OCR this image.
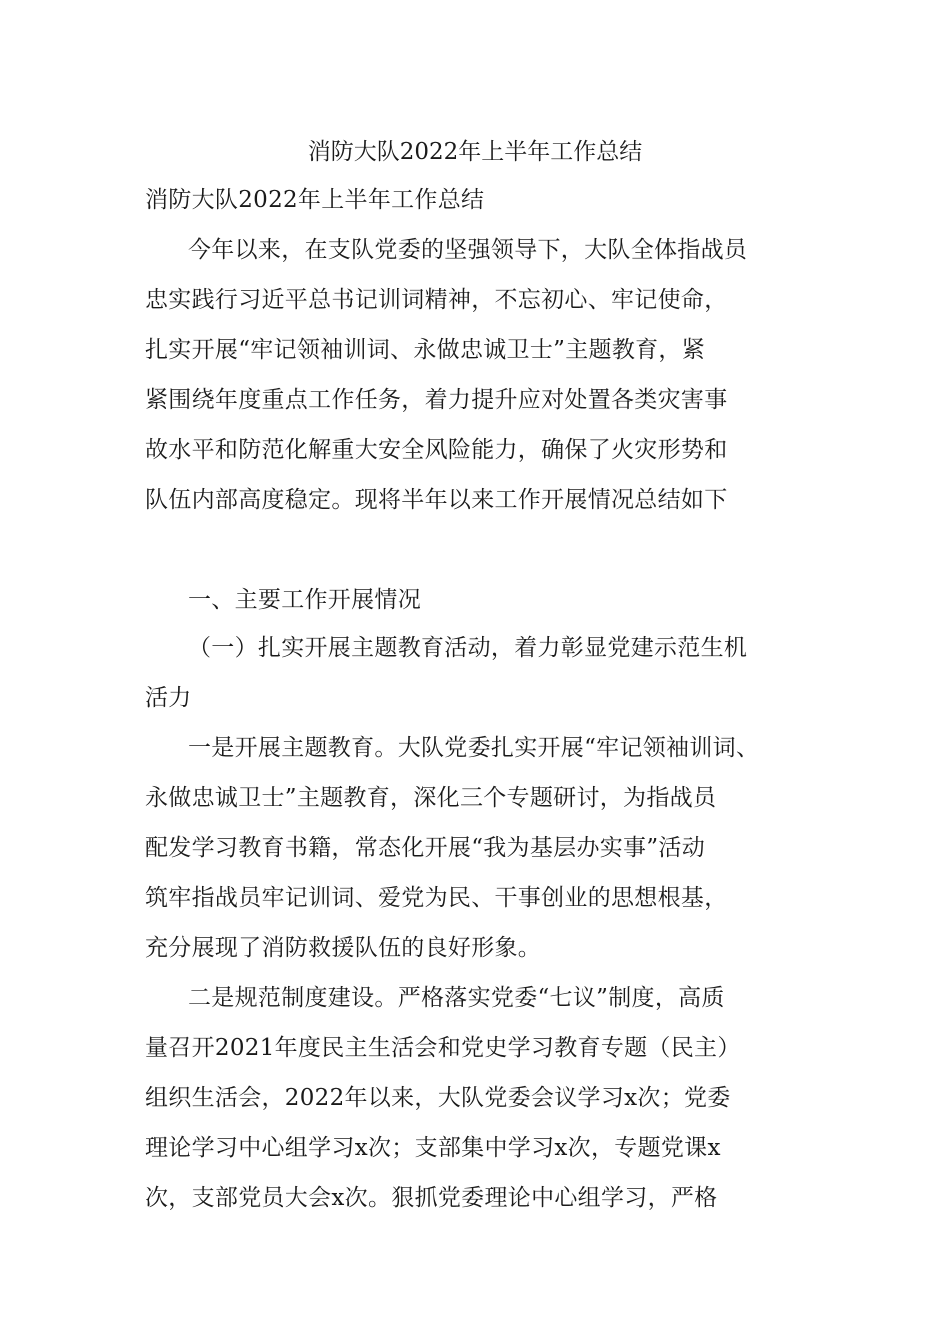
消防大队2022年上半年工作总结
消防大队2022年上半年工作总结
今年以来，在支队党委的坚强领导下，大队全体指战员
忠实践行习近平总书记训词精神，不忘初心、牢记使命，
扎实开展“牢记领袖训词、永做忠诚卫士”主题教育，紧
紧围绕年度重点工作任务，着力提升应对处置各类灾害事
故水平和防范化解重大安全风险能力，确保了火灾形势和
队伍内部高度稳定。现将半年以来工作开展情况总结如下
一、主要工作开展情况
（一）扎实开展主题教育活动，着力彰显党建示范生机
活力
一是开展主题教育。大队党委扎实开展“牢记领袖训词、
永做忠诚卫士”主题教育，深化三个专题研讨，为指战员
配发学习教育书籍，常态化开展“我为基层办实事”活动
筑牢指战员牢记训词、爱党为民、干事创业的思想根基，
充分展现了消防救援队伍的良好形象。
二是规范制度建设。严格落实党委“七议”制度，高质
量召开2021年度民主生活会和党史学习教育专题（民主）
组织生活会，2022年以来，大队党委会议学习x次；党委
理论学习中心组学习x次；支部集中学习x次，专题党课x
次，支部党员大会x次。狠抓党委理论中心组学习，严格
